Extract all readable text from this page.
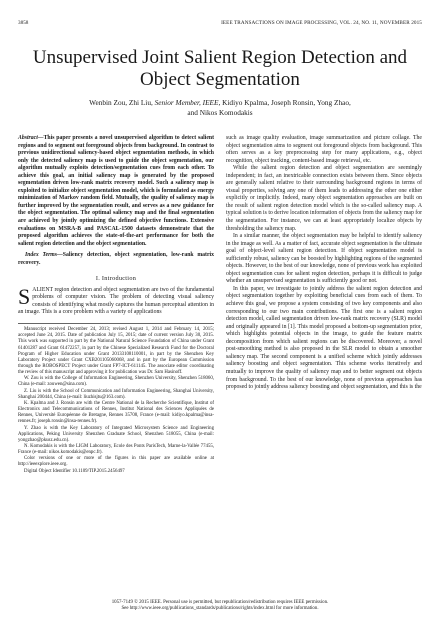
3858	IEEE TRANSACTIONS ON IMAGE PROCESSING, VOL. 24, NO. 11, NOVEMBER 2015
Unsupervised Joint Salient Region Detection and Object Segmentation
Wenbin Zou, Zhi Liu, Senior Member, IEEE, Kidiyo Kpalma, Joseph Ronsin, Yong Zhao,
and Nikos Komodakis

Abstract—This paper presents a novel unsupervised algorithm to detect salient regions and to segment out foreground objects from background. In contrast to previous unidirectional saliency-based object segmentation methods, in which only the detected saliency map is used to guide the object segmentation, our algorithm mutually exploits detection/segmentation cues from each other. To achieve this goal, an initial saliency map is generated by the proposed segmentation driven low-rank matrix recovery model. Such a saliency map is exploited to initialize object segmentation model, which is formulated as energy minimization of Markov random field. Mutually, the quality of saliency map is further improved by the segmentation result, and serves as a new guidance for the object segmentation. The optimal saliency map and the final segmentation are achieved by jointly optimizing the defined objective functions. Extensive evaluations on MSRA-B and PASCAL-1500 datasets demonstrate that the proposed algorithm achieves the state-of-the-art performance for both the salient region detection and the object segmentation.

Index Terms—Saliency detection, object segmentation, low-rank matrix recovery.

I. Introduction

SALIENT region detection and object segmentation are two of the fundamental problems of computer vision. The problem of detecting visual saliency consists of identifying what mostly captures the human perceptual attention in an image. This is a core problem with a variety of applications

Manuscript received December 24, 2013; revised August 1, 2014 and February 14, 2015; accepted June 24, 2015. Date of publication July 15, 2015; date of current version July 30, 2015. This work was supported in part by the National Natural Science Foundation of China under Grant 61401287 and Grant 61472257, in part by the Chinese Specialized Research Fund for the Doctoral Program of Higher Education under Grant 20133108110001, in part by the Shenzhen Key Laboratory Project under Grant CXB201105060068, and in part by the European Commission through the ROBOSPECT Project under Grant FP7-ICT-611145. The associate editor coordinating the review of this manuscript and approving it for publication was Dr. Sam Hasinoff.

W. Zou is with the College of Information Engineering, Shenzhen University, Shenzhen 518060, China (e-mail: zouwen@sina.com).

Z. Liu is with the School of Communication and Information Engineering, Shanghai University, Shanghai 200444, China (e-mail: liuzhisjtu@163.com).

K. Kpalma and J. Ronsin are with the Centre National de la Recherche Scientifique, Institut of Electronics and Telecommunications of Rennes, Institut National des Sciences Appliquées de Rennes, Université Européenne de Bretagne, Rennes 35708, France (e-mail: kidiyo.kpalma@insa-rennes.fr; joseph.ronsin@insa-rennes.fr).

Y. Zhao is with the Key Laboratory of Integrated Microsystem Science and Engineering Applications, Peking University Shenzhen Graduate School, Shenzhen 518055, China (e-mail: yongzhao@pkusz.edu.cn).

N. Komodakis is with the LIGM Laboratory, Ecole des Ponts ParisTech, Marne-la-Vallée 77455, France (e-mail: nikos.komodakis@enpc.fr).

Color versions of one or more of the figures in this paper are available online at http://ieeexplore.ieee.org.

Digital Object Identifier 10.1109/TIP.2015.2456497

such as image quality evaluation, image summarization and picture collage. The object segmentation aims to segment out foreground objects from background. This often serves as a key preprocessing step for many applications, e.g., object recognition, object tracking, content-based image retrieval, etc.

While the salient region detection and object segmentation are seemingly independent; in fact, an inextricable connection exists between them. Since objects are generally salient relative to their surrounding background regions in terms of visual properties, solving any one of them leads to addressing the other one either explicitly or implicitly. Indeed, many object segmentation approaches are built on the result of salient region detection model which is the so-called saliency map. A typical solution is to derive location information of objects from the saliency map for the segmentation. For instance, we can at least appropriately localize objects by thresholding the saliency map.

In a similar manner, the object segmentation may be helpful to identify saliency in the image as well. As a matter of fact, accurate object segmentation is the ultimate goal of object-level salient region detection. If object segmentation model is sufficiently robust, saliency can be boosted by highlighting regions of the segmented objects. However, to the best of our knowledge, none of previous work has exploited object segmentation cues for salient region detection, perhaps it is difficult to judge whether an unsupervised segmentation is sufficiently good or not.

In this paper, we investigate to jointly address the salient region detection and object segmentation together by exploiting beneficial cues from each of them. To achieve this goal, we propose a system consisting of two key components and also corresponding to our two main contributions. The first one is a salient region detection model, called segmentation driven low-rank matrix recovery (SLR) model and originally appeared in [1]. This model proposed a bottom-up segmentation prior, which highlights potential objects in the image, to guide the feature matrix decomposition from which salient regions can be discovered. Moreover, a novel post-smoothing method is also proposed in the SLR model to obtain a smoother saliency map. The second component is a unified scheme which jointly addresses saliency boosting and object segmentation. This scheme works iteratively and mutually to improve the quality of saliency map and to better segment out objects from background. To the best of our knowledge, none of previous approaches has proposed to jointly address saliency boosting and object segmentation, and this is the

1057-7149 © 2015 IEEE. Personal use is permitted, but republication/redistribution requires IEEE permission.
See http://www.ieee.org/publications_standards/publications/rights/index.html for more information.
